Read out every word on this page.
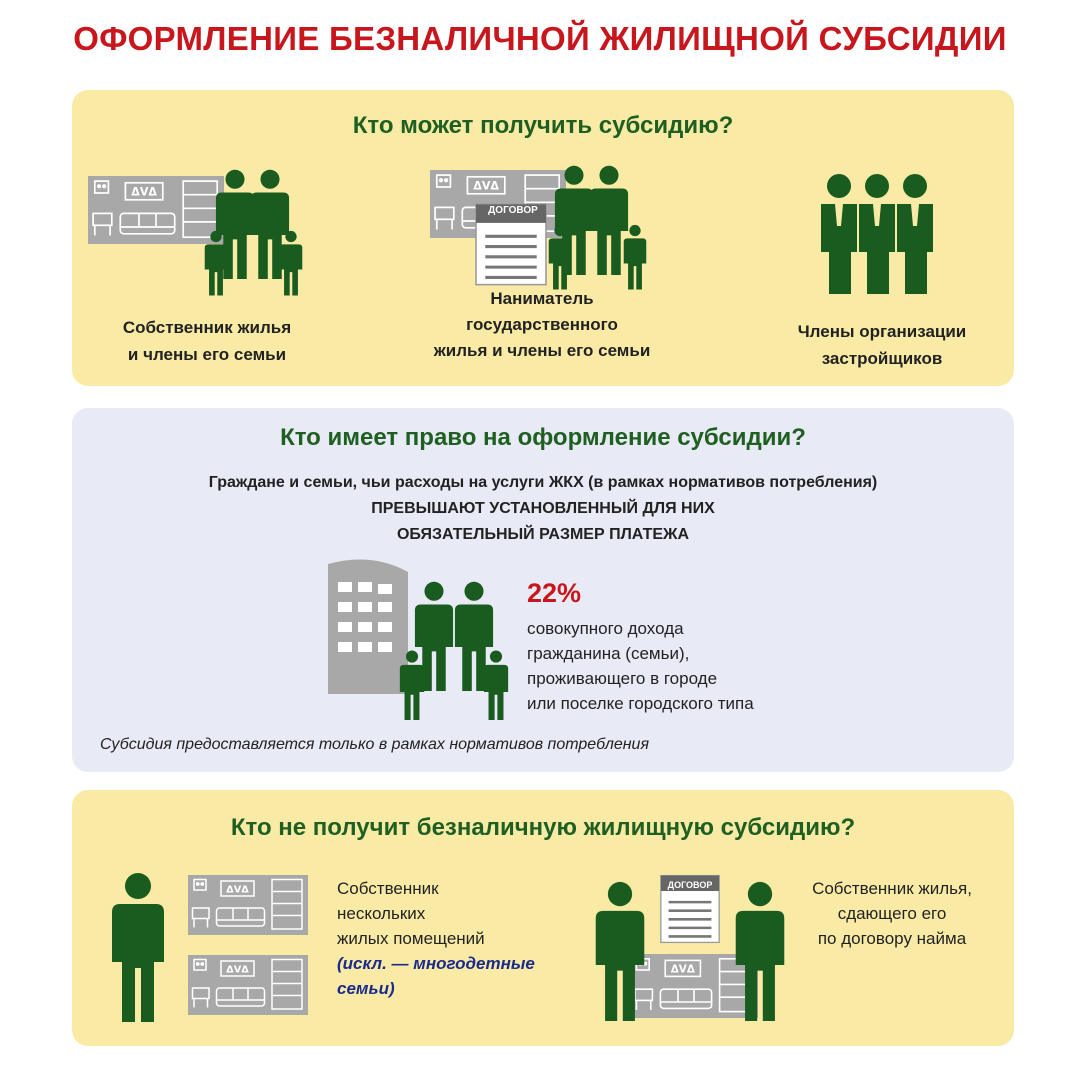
ОФОРМЛЕНИЕ БЕЗНАЛИЧНОЙ ЖИЛИЩНОЙ СУБСИДИИ
Кто может получить субсидию?
Собственник жилья
и члены его семьи
ДОГОВОР
Наниматель
государственного
жилья и члены его семьи
Члены организации
застройщиков
Кто имеет право на оформление субсидии?
Граждане и семьи, чьи расходы на услуги ЖКХ (в рамках нормативов потребления)
ПРЕВЫШАЮТ УСТАНОВЛЕННЫЙ ДЛЯ НИХ
ОБЯЗАТЕЛЬНЫЙ РАЗМЕР ПЛАТЕЖА
22%
совокупного дохода
гражданина (семьи),
проживающего в городе
или поселке городского типа
Субсидия предоставляется только в рамках нормативов потребления
Кто не получит безналичную жилищную субсидию?
Собственник
нескольких
жилых помещений
(искл. — многодетные
семьи)
ДОГОВОР	Собственник жилья,
сдающего его
по договору найма
